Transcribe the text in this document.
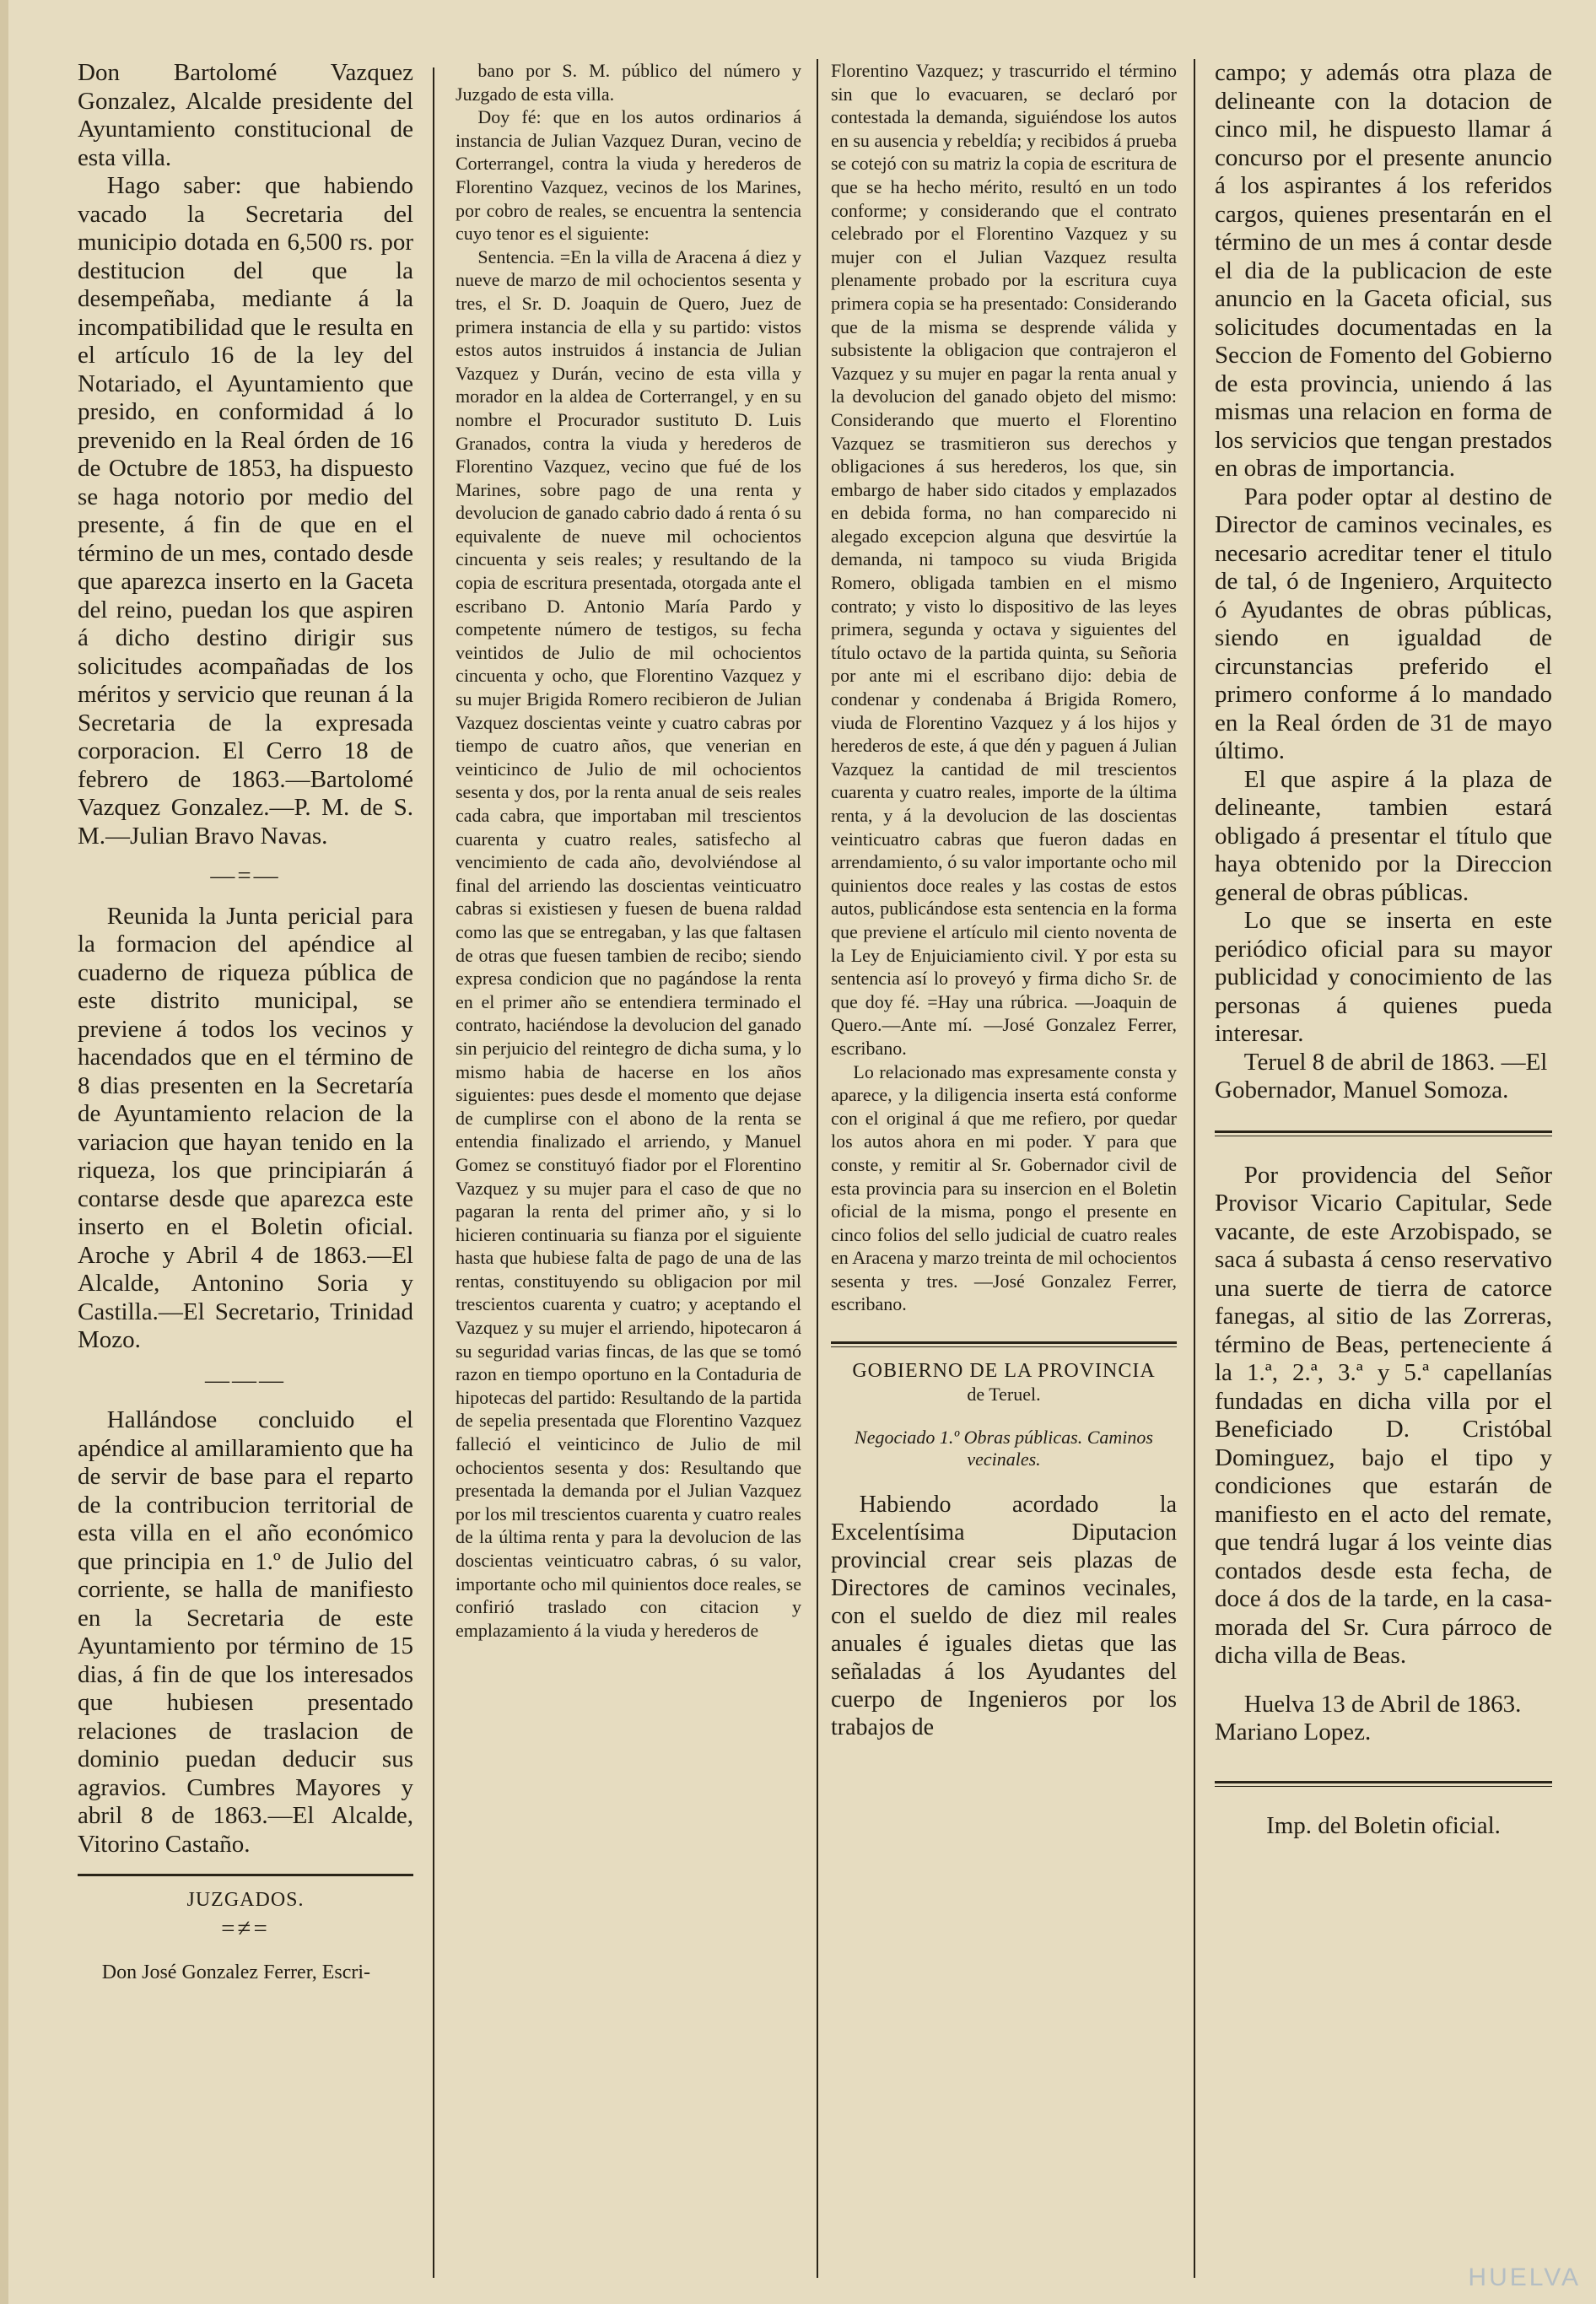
Don Bartolomé Vazquez Gonzalez, Alcalde presidente del Ayuntamiento constitucional de esta villa.

Hago saber: que habiendo vacado la Secretaria del municipio dotada en 6,500 rs. por destitucion del que la desempeñaba, mediante á la incompatibilidad que le resulta en el artículo 16 de la ley del Notariado, el Ayuntamiento que presido, en conformidad á lo prevenido en la Real órden de 16 de Octubre de 1853, ha dispuesto se haga notorio por medio del presente, á fin de que en el término de un mes, contado desde que aparezca inserto en la Gaceta del reino, puedan los que aspiren á dicho destino dirigir sus solicitudes acompañadas de los méritos y servicio que reunan á la Secretaria de la expresada corporacion. El Cerro 18 de febrero de 1863.—Bartolomé Vazquez Gonzalez.—P. M. de S. M.—Julian Bravo Navas.

—=—

Reunida la Junta pericial para la formacion del apéndice al cuaderno de riqueza pública de este distrito municipal, se previene á todos los vecinos y hacendados que en el término de 8 dias presenten en la Secretaría de Ayuntamiento relacion de la variacion que hayan tenido en la riqueza, los que principiarán á contarse desde que aparezca este inserto en el Boletin oficial. Aroche y Abril 4 de 1863.—El Alcalde, Antonino Soria y Castilla.—El Secretario, Trinidad Mozo.

———

Hallándose concluido el apéndice al amillaramiento que ha de servir de base para el reparto de la contribucion territorial de esta villa en el año económico que principia en 1.º de Julio del corriente, se halla de manifiesto en la Secretaria de este Ayuntamiento por término de 15 dias, á fin de que los interesados que hubiesen presentado relaciones de traslacion de dominio puedan deducir sus agravios. Cumbres Mayores y abril 8 de 1863.—El Alcalde, Vitorino Castaño.

JUZGADOS.
=≠=

Don José Gonzalez Ferrer, Escri-

bano por S. M. público del número y Juzgado de esta villa.

Doy fé: que en los autos ordinarios á instancia de Julian Vazquez Duran, vecino de Corterrangel, contra la viuda y herederos de Florentino Vazquez, vecinos de los Marines, por cobro de reales, se encuentra la sentencia cuyo tenor es el siguiente:

Sentencia. =En la villa de Aracena á diez y nueve de marzo de mil ochocientos sesenta y tres, el Sr. D. Joaquin de Quero, Juez de primera instancia de ella y su partido: vistos estos autos instruidos á instancia de Julian Vazquez y Durán, vecino de esta villa y morador en la aldea de Corterrangel, y en su nombre el Procurador sustituto D. Luis Granados, contra la viuda y herederos de Florentino Vazquez, vecino que fué de los Marines, sobre pago de una renta y devolucion de ganado cabrio dado á renta ó su equivalente de nueve mil ochocientos cincuenta y seis reales; y resultando de la copia de escritura presentada, otorgada ante el escribano D. Antonio María Pardo y competente número de testigos, su fecha veintidos de Julio de mil ochocientos cincuenta y ocho, que Florentino Vazquez y su mujer Brigida Romero recibieron de Julian Vazquez doscientas veinte y cuatro cabras por tiempo de cuatro años, que venerian en veinticinco de Julio de mil ochocientos sesenta y dos, por la renta anual de seis reales cada cabra, que importaban mil trescientos cuarenta y cuatro reales, satisfecho al vencimiento de cada año, devolviéndose al final del arriendo las doscientas veinticuatro cabras si existiesen y fuesen de buena raldad como las que se entregaban, y las que faltasen de otras que fuesen tambien de recibo; siendo expresa condicion que no pagándose la renta en el primer año se entendiera terminado el contrato, haciéndose la devolucion del ganado sin perjuicio del reintegro de dicha suma, y lo mismo habia de hacerse en los años siguientes: pues desde el momento que dejase de cumplirse con el abono de la renta se entendia finalizado el arriendo, y Manuel Gomez se constituyó fiador por el Florentino Vazquez y su mujer para el caso de que no pagaran la renta del primer año, y si lo hicieren continuaria su fianza por el siguiente hasta que hubiese falta de pago de una de las rentas, constituyendo su obligacion por mil trescientos cuarenta y cuatro; y aceptando el Vazquez y su mujer el arriendo, hipotecaron á su seguridad varias fincas, de las que se tomó razon en tiempo oportuno en la Contaduria de hipotecas del partido: Resultando de la partida de sepelia presentada que Florentino Vazquez falleció el veinticinco de Julio de mil ochocientos sesenta y dos: Resultando que presentada la demanda por el Julian Vazquez por los mil trescientos cuarenta y cuatro reales de la última renta y para la devolucion de las doscientas veinticuatro cabras, ó su valor, importante ocho mil quinientos doce reales, se confirió traslado con citacion y emplazamiento á la viuda y herederos de

Florentino Vazquez; y trascurrido el término sin que lo evacuaren, se declaró por contestada la demanda, siguiéndose los autos en su ausencia y rebeldía; y recibidos á prueba se cotejó con su matriz la copia de escritura de que se ha hecho mérito, resultó en un todo conforme; y considerando que el contrato celebrado por el Florentino Vazquez y su mujer con el Julian Vazquez resulta plenamente probado por la escritura cuya primera copia se ha presentado: Considerando que de la misma se desprende válida y subsistente la obligacion que contrajeron el Vazquez y su mujer en pagar la renta anual y la devolucion del ganado objeto del mismo: Considerando que muerto el Florentino Vazquez se trasmitieron sus derechos y obligaciones á sus herederos, los que, sin embargo de haber sido citados y emplazados en debida forma, no han comparecido ni alegado excepcion alguna que desvirtúe la demanda, ni tampoco su viuda Brigida Romero, obligada tambien en el mismo contrato; y visto lo dispositivo de las leyes primera, segunda y octava y siguientes del título octavo de la partida quinta, su Señoria por ante mi el escribano dijo: debia de condenar y condenaba á Brigida Romero, viuda de Florentino Vazquez y á los hijos y herederos de este, á que dén y paguen á Julian Vazquez la cantidad de mil trescientos cuarenta y cuatro reales, importe de la última renta, y á la devolucion de las doscientas veinticuatro cabras que fueron dadas en arrendamiento, ó su valor importante ocho mil quinientos doce reales y las costas de estos autos, publicándose esta sentencia en la forma que previene el artículo mil ciento noventa de la Ley de Enjuiciamiento civil. Y por esta su sentencia así lo proveyó y firma dicho Sr. de que doy fé. =Hay una rúbrica. —Joaquin de Quero.—Ante mí. —José Gonzalez Ferrer, escribano.

Lo relacionado mas expresamente consta y aparece, y la diligencia inserta está conforme con el original á que me refiero, por quedar los autos ahora en mi poder. Y para que conste, y remitir al Sr. Gobernador civil de esta provincia para su insercion en el Boletin oficial de la misma, pongo el presente en cinco folios del sello judicial de cuatro reales en Aracena y marzo treinta de mil ochocientos sesenta y tres. —José Gonzalez Ferrer, escribano.

GOBIERNO DE LA PROVINCIA
de Teruel.
Negociado 1.º Obras públicas. Caminos vecinales.

Habiendo acordado la Excelentísima Diputacion provincial crear seis plazas de Directores de caminos vecinales, con el sueldo de diez mil reales anuales é iguales dietas que las señaladas á los Ayudantes del cuerpo de Ingenieros por los trabajos de

campo; y además otra plaza de delineante con la dotacion de cinco mil, he dispuesto llamar á concurso por el presente anuncio á los aspirantes á los referidos cargos, quienes presentarán en el término de un mes á contar desde el dia de la publicacion de este anuncio en la Gaceta oficial, sus solicitudes documentadas en la Seccion de Fomento del Gobierno de esta provincia, uniendo á las mismas una relacion en forma de los servicios que tengan prestados en obras de importancia.

Para poder optar al destino de Director de caminos vecinales, es necesario acreditar tener el titulo de tal, ó de Ingeniero, Arquitecto ó Ayudantes de obras públicas, siendo en igualdad de circunstancias preferido el primero conforme á lo mandado en la Real órden de 31 de mayo último.

El que aspire á la plaza de delineante, tambien estará obligado á presentar el título que haya obtenido por la Direccion general de obras públicas.

Lo que se inserta en este periódico oficial para su mayor publicidad y conocimiento de las personas á quienes pueda interesar.

Teruel 8 de abril de 1863. —El Gobernador, Manuel Somoza.

Por providencia del Señor Provisor Vicario Capitular, Sede vacante, de este Arzobispado, se saca á subasta á censo reservativo una suerte de tierra de catorce fanegas, al sitio de las Zorreras, término de Beas, perteneciente á la 1.ª, 2.ª, 3.ª y 5.ª capellanías fundadas en dicha villa por el Beneficiado D. Cristóbal Dominguez, bajo el tipo y condiciones que estarán de manifiesto en el acto del remate, que tendrá lugar á los veinte dias contados desde esta fecha, de doce á dos de la tarde, en la casa-morada del Sr. Cura párroco de dicha villa de Beas.

Huelva 13 de Abril de 1863. Mariano Lopez.

Imp. del Boletin oficial.

HUELVA
